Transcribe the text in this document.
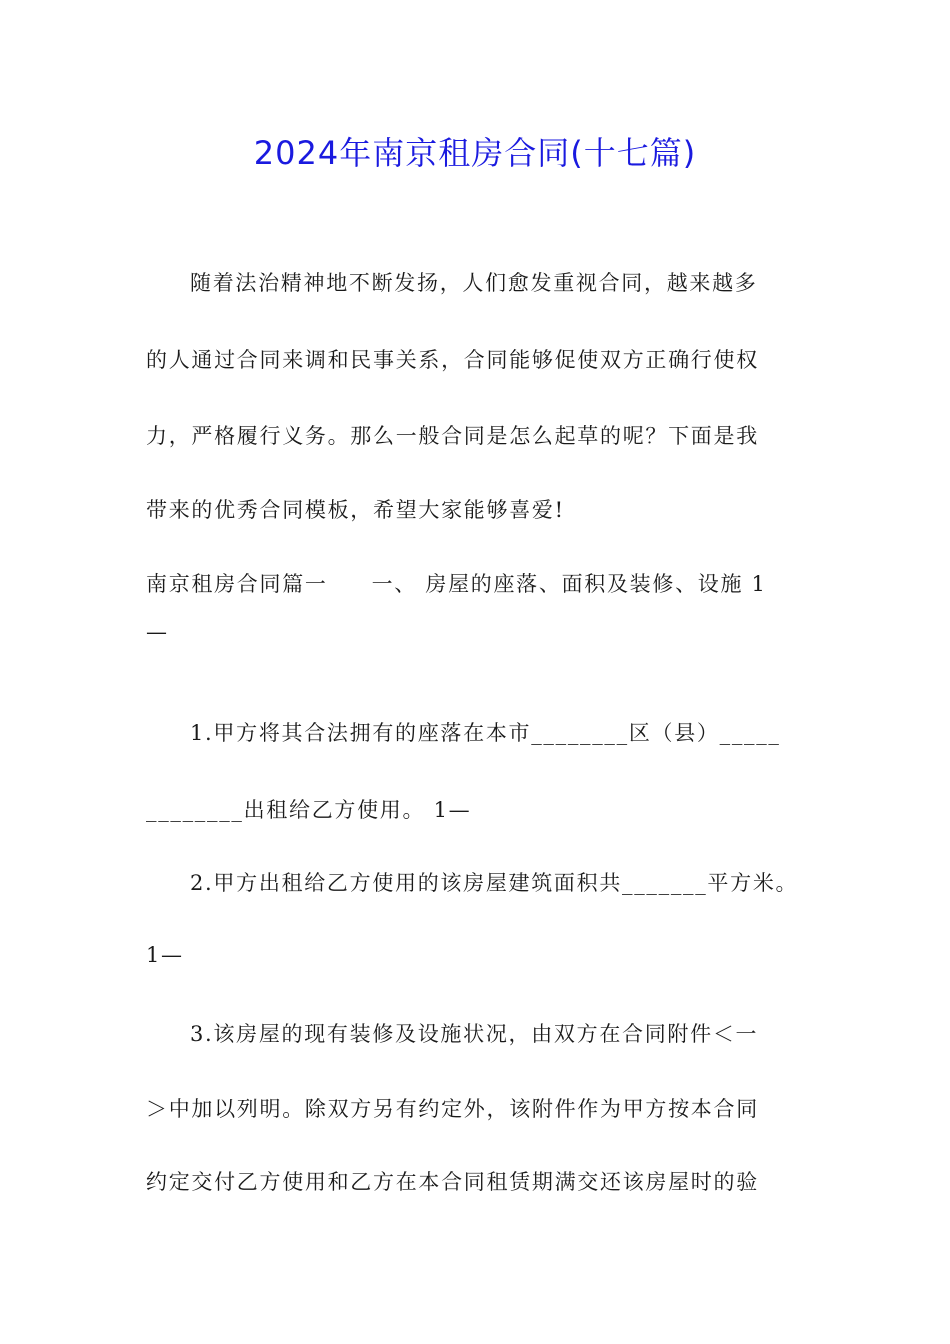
2024年南京租房合同(十七篇)
随着法治精神地不断发扬，人们愈发重视合同，越来越多
的人通过合同来调和民事关系，合同能够促使双方正确行使权
力，严格履行义务。那么一般合同是怎么起草的呢？下面是我
带来的优秀合同模板，希望大家能够喜爱!
南京租房合同篇一 一、 房屋的座落、面积及装修、设施 1
—
1.甲方将其合法拥有的座落在本市________区（县）_____
________出租给乙方使用。 1—
2.甲方出租给乙方使用的该房屋建筑面积共_______平方米。
1—
3.该房屋的现有装修及设施状况，由双方在合同附件＜一
＞中加以列明。除双方另有约定外，该附件作为甲方按本合同
约定交付乙方使用和乙方在本合同租赁期满交还该房屋时的验
